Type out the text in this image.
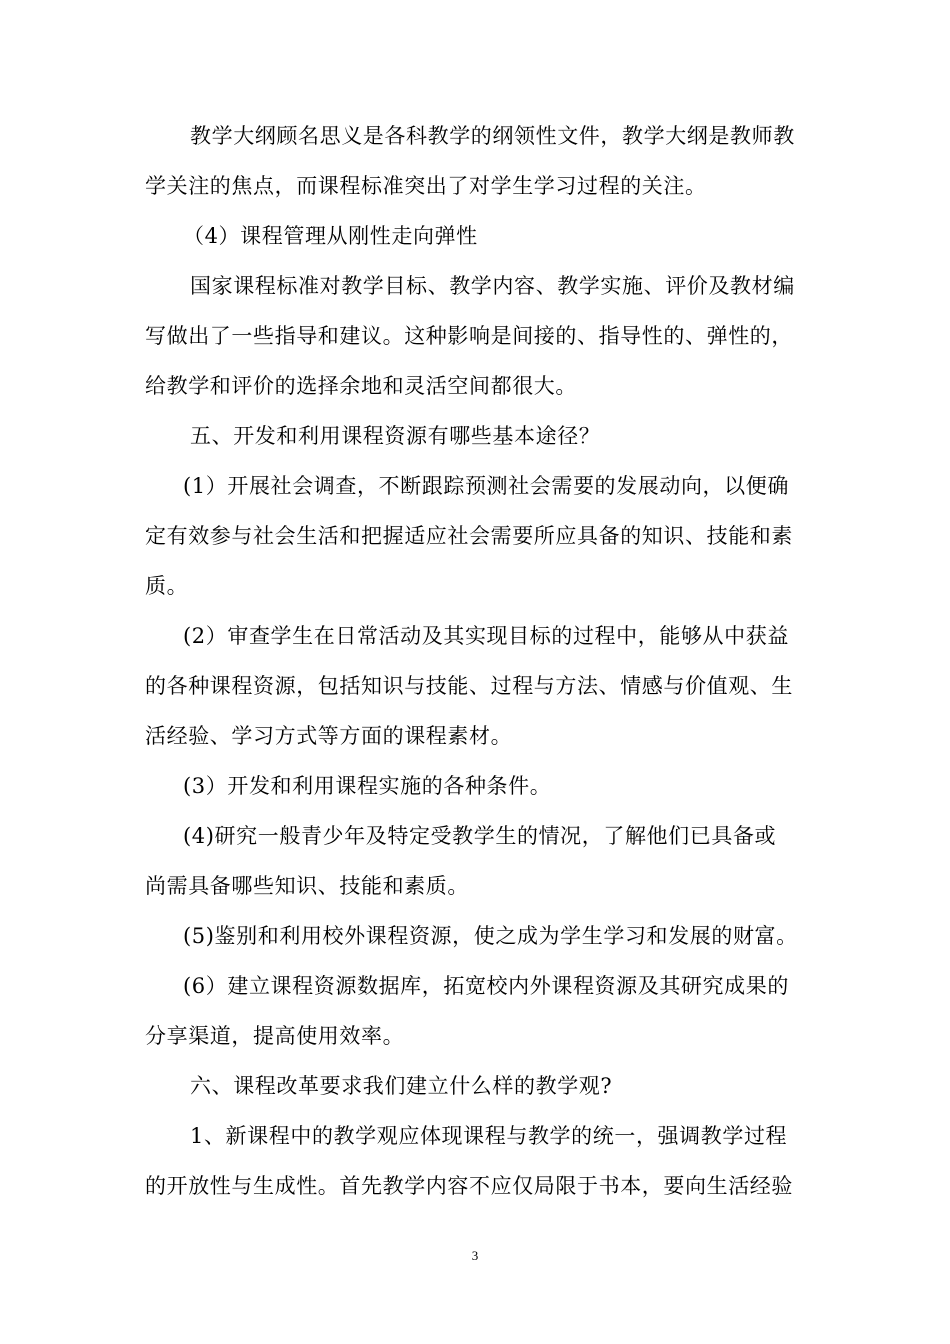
教学大纲顾名思义是各科教学的纲领性文件，教学大纲是教师教
学关注的焦点，而课程标准突出了对学生学习过程的关注。
（4）课程管理从刚性走向弹性
国家课程标准对教学目标、教学内容、教学实施、评价及教材编
写做出了一些指导和建议。这种影响是间接的、指导性的、弹性的，
给教学和评价的选择余地和灵活空间都很大。
五、开发和利用课程资源有哪些基本途径？
(1）开展社会调查，不断跟踪预测社会需要的发展动向，以便确
定有效参与社会生活和把握适应社会需要所应具备的知识、技能和素
质。
(2）审查学生在日常活动及其实现目标的过程中，能够从中获益
的各种课程资源，包括知识与技能、过程与方法、情感与价值观、生
活经验、学习方式等方面的课程素材。
(3）开发和利用课程实施的各种条件。
(4)研究一般青少年及特定受教学生的情况，了解他们已具备或
尚需具备哪些知识、技能和素质。
(5)鉴别和利用校外课程资源，使之成为学生学习和发展的财富。
(6）建立课程资源数据库，拓宽校内外课程资源及其研究成果的
分享渠道，提高使用效率。
六、课程改革要求我们建立什么样的教学观?
1、新课程中的教学观应体现课程与教学的统一，强调教学过程
的开放性与生成性。首先教学内容不应仅局限于书本，要向生活经验
3
